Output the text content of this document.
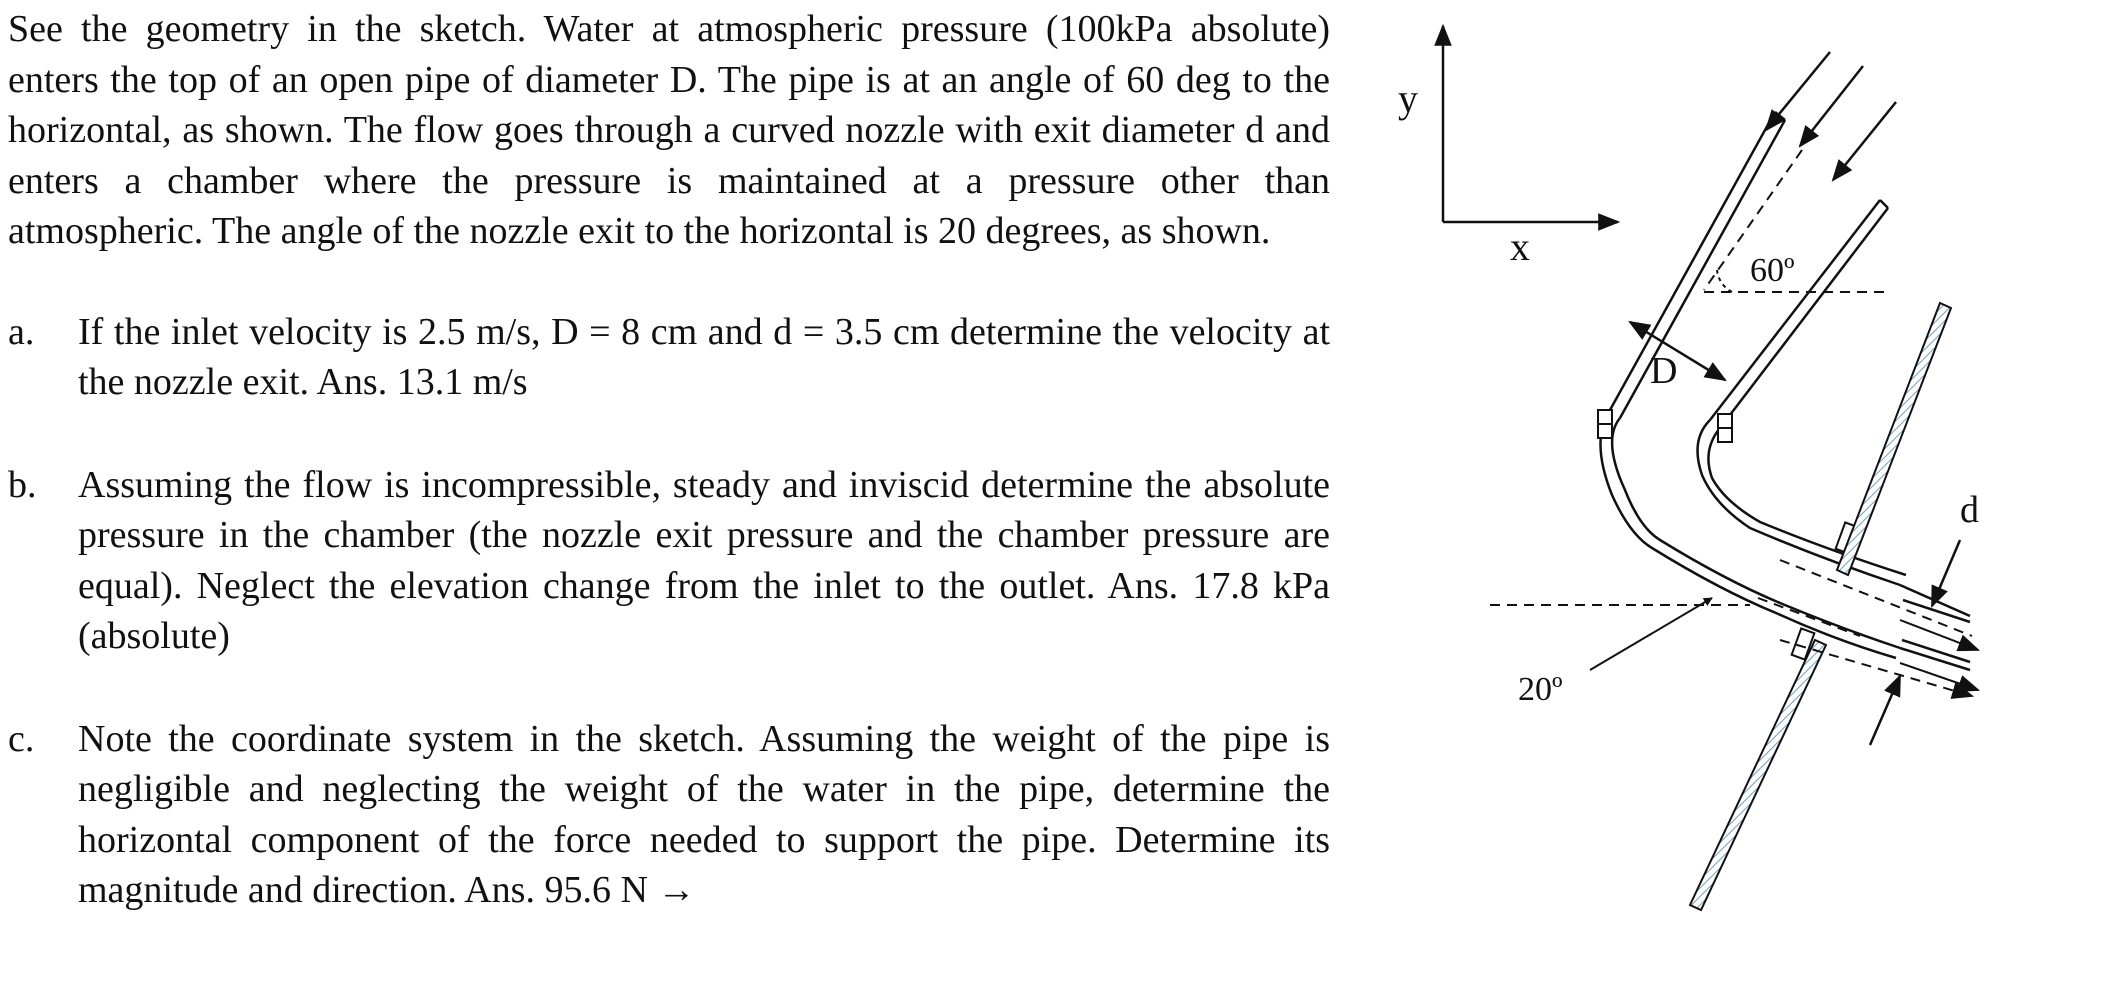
See the geometry in the sketch. Water at atmospheric pressure (100kPa absolute) enters the top of an open pipe of diameter D. The pipe is at an angle of 60 deg to the horizontal, as shown. The flow goes through a curved nozzle with exit diameter d and enters a chamber where the pressure is maintained at a pressure other than atmospheric. The angle of the nozzle exit to the horizontal is 20 degrees, as shown.

a.	If the inlet velocity is 2.5 m/s, D = 8 cm and d = 3.5 cm determine the velocity at the nozzle exit. Ans. 13.1 m/s
b.	Assuming the flow is incompressible, steady and inviscid determine the absolute pressure in the chamber (the nozzle exit pressure and the chamber pressure are equal). Neglect the elevation change from the inlet to the outlet. Ans. 17.8 kPa (absolute)
c.	Note the coordinate system in the sketch. Assuming the weight of the pipe is negligible and neglecting the weight of the water in the pipe, determine the horizontal component of the force needed to support the pipe. Determine its magnitude and direction. Ans. 95.6 N →
y
x
60º
20º
D
d
